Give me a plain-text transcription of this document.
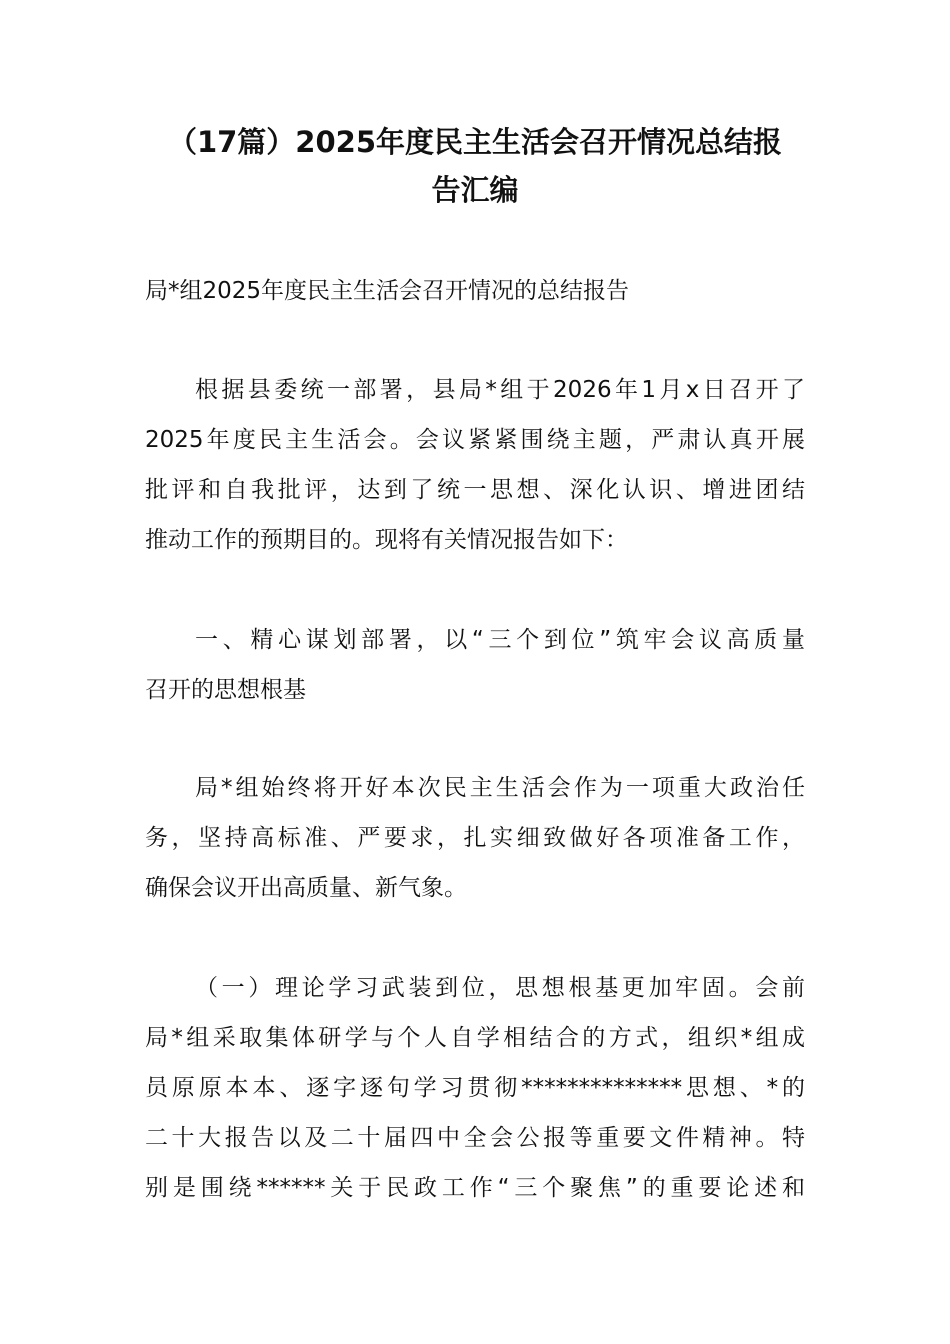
（17篇）2025年度民主生活会召开情况总结报
告汇编
局*组2025年度民主生活会召开情况的总结报告
根据县委统一部署，县局*组于2026年1月x日召开了
2025年度民主生活会。会议紧紧围绕主题，严肃认真开展
批评和自我批评，达到了统一思想、深化认识、增进团结
推动工作的预期目的。现将有关情况报告如下：
一、精心谋划部署，以“三个到位”筑牢会议高质量
召开的思想根基
局*组始终将开好本次民主生活会作为一项重大政治任
务，坚持高标准、严要求，扎实细致做好各项准备工作，
确保会议开出高质量、新气象。
（一）理论学习武装到位，思想根基更加牢固。会前
局*组采取集体研学与个人自学相结合的方式，组织*组成
员原原本本、逐字逐句学习贯彻**************思想、*的
二十大报告以及二十届四中全会公报等重要文件精神。特
别是围绕******关于民政工作“三个聚焦”的重要论述和
